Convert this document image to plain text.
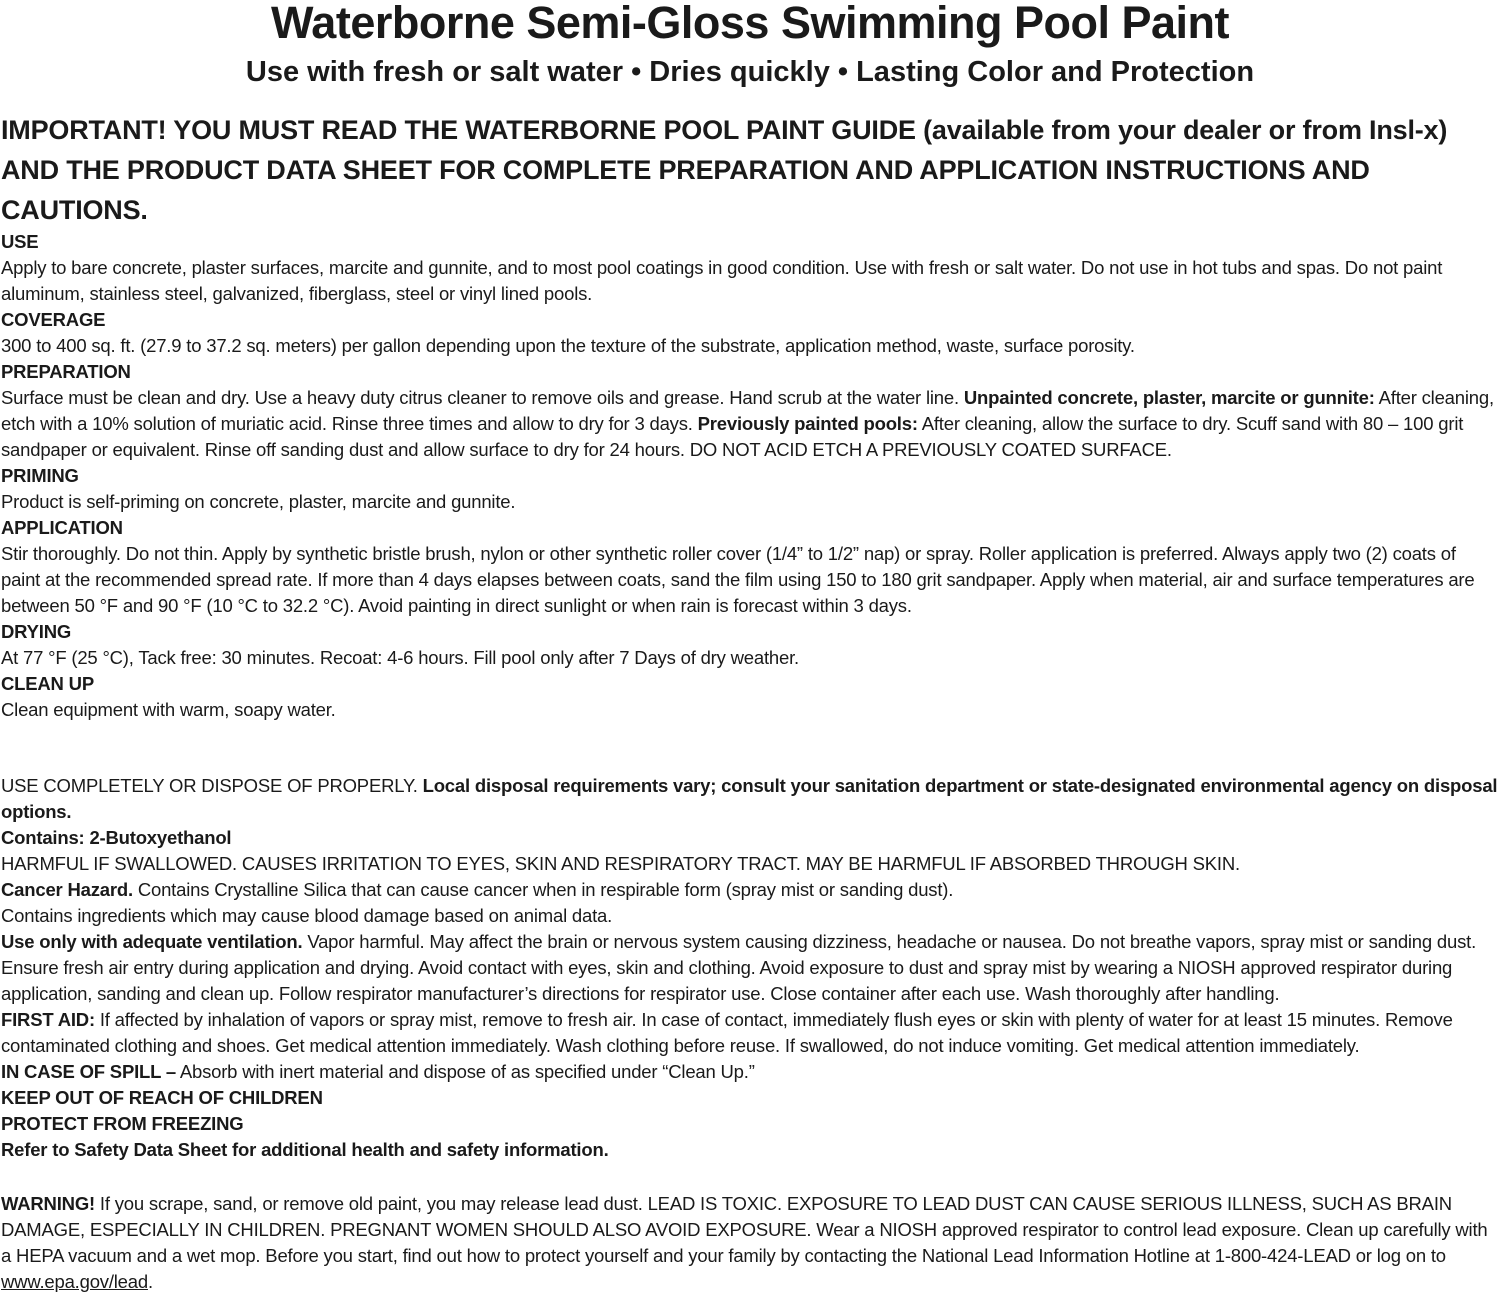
Waterborne Semi-Gloss Swimming Pool Paint
Use with fresh or salt water • Dries quickly • Lasting Color and Protection

IMPORTANT! YOU MUST READ THE WATERBORNE POOL PAINT GUIDE (available from your dealer or from Insl-x) AND THE PRODUCT DATA SHEET FOR COMPLETE PREPARATION AND APPLICATION INSTRUCTIONS AND CAUTIONS.

USE

Apply to bare concrete, plaster surfaces, marcite and gunnite, and to most pool coatings in good condition. Use with fresh or salt water. Do not use in hot tubs and spas. Do not paint aluminum, stainless steel, galvanized, fiberglass, steel or vinyl lined pools.

COVERAGE

300 to 400 sq. ft. (27.9 to 37.2 sq. meters) per gallon depending upon the texture of the substrate, application method, waste, surface porosity.

PREPARATION

Surface must be clean and dry. Use a heavy duty citrus cleaner to remove oils and grease. Hand scrub at the water line. Unpainted concrete, plaster, marcite or gunnite: After cleaning, etch with a 10% solution of muriatic acid. Rinse three times and allow to dry for 3 days. Previously painted pools: After cleaning, allow the surface to dry. Scuff sand with 80 – 100 grit sandpaper or equivalent. Rinse off sanding dust and allow surface to dry for 24 hours. DO NOT ACID ETCH A PREVIOUSLY COATED SURFACE.

PRIMING

Product is self-priming on concrete, plaster, marcite and gunnite.

APPLICATION

Stir thoroughly. Do not thin. Apply by synthetic bristle brush, nylon or other synthetic roller cover (1/4” to 1/2” nap) or spray. Roller application is preferred. Always apply two (2) coats of paint at the recommended spread rate. If more than 4 days elapses between coats, sand the film using 150 to 180 grit sandpaper. Apply when material, air and surface temperatures are between 50 °F and 90 °F (10 °C to 32.2 °C). Avoid painting in direct sunlight or when rain is forecast within 3 days.

DRYING

At 77 °F (25 °C), Tack free: 30 minutes. Recoat: 4-6 hours. Fill pool only after 7 Days of dry weather.

CLEAN UP

Clean equipment with warm, soapy water.

USE COMPLETELY OR DISPOSE OF PROPERLY. Local disposal requirements vary; consult your sanitation department or state-designated environmental agency on disposal options.

Contains: 2-Butoxyethanol

HARMFUL IF SWALLOWED. CAUSES IRRITATION TO EYES, SKIN AND RESPIRATORY TRACT. MAY BE HARMFUL IF ABSORBED THROUGH SKIN.

Cancer Hazard. Contains Crystalline Silica that can cause cancer when in respirable form (spray mist or sanding dust).

Contains ingredients which may cause blood damage based on animal data.

Use only with adequate ventilation. Vapor harmful. May affect the brain or nervous system causing dizziness, headache or nausea. Do not breathe vapors, spray mist or sanding dust. Ensure fresh air entry during application and drying. Avoid contact with eyes, skin and clothing. Avoid exposure to dust and spray mist by wearing a NIOSH approved respirator during application, sanding and clean up. Follow respirator manufacturer’s directions for respirator use. Close container after each use. Wash thoroughly after handling.

FIRST AID: If affected by inhalation of vapors or spray mist, remove to fresh air. In case of contact, immediately flush eyes or skin with plenty of water for at least 15 minutes. Remove contaminated clothing and shoes. Get medical attention immediately. Wash clothing before reuse. If swallowed, do not induce vomiting. Get medical attention immediately.

IN CASE OF SPILL – Absorb with inert material and dispose of as specified under “Clean Up.”

KEEP OUT OF REACH OF CHILDREN

PROTECT FROM FREEZING

Refer to Safety Data Sheet for additional health and safety information.

WARNING! If you scrape, sand, or remove old paint, you may release lead dust. LEAD IS TOXIC. EXPOSURE TO LEAD DUST CAN CAUSE SERIOUS ILLNESS, SUCH AS BRAIN DAMAGE, ESPECIALLY IN CHILDREN. PREGNANT WOMEN SHOULD ALSO AVOID EXPOSURE. Wear a NIOSH approved respirator to control lead exposure. Clean up carefully with a HEPA vacuum and a wet mop. Before you start, find out how to protect yourself and your family by contacting the National Lead Information Hotline at 1-800-424-LEAD or log on to www.epa.gov/lead.
